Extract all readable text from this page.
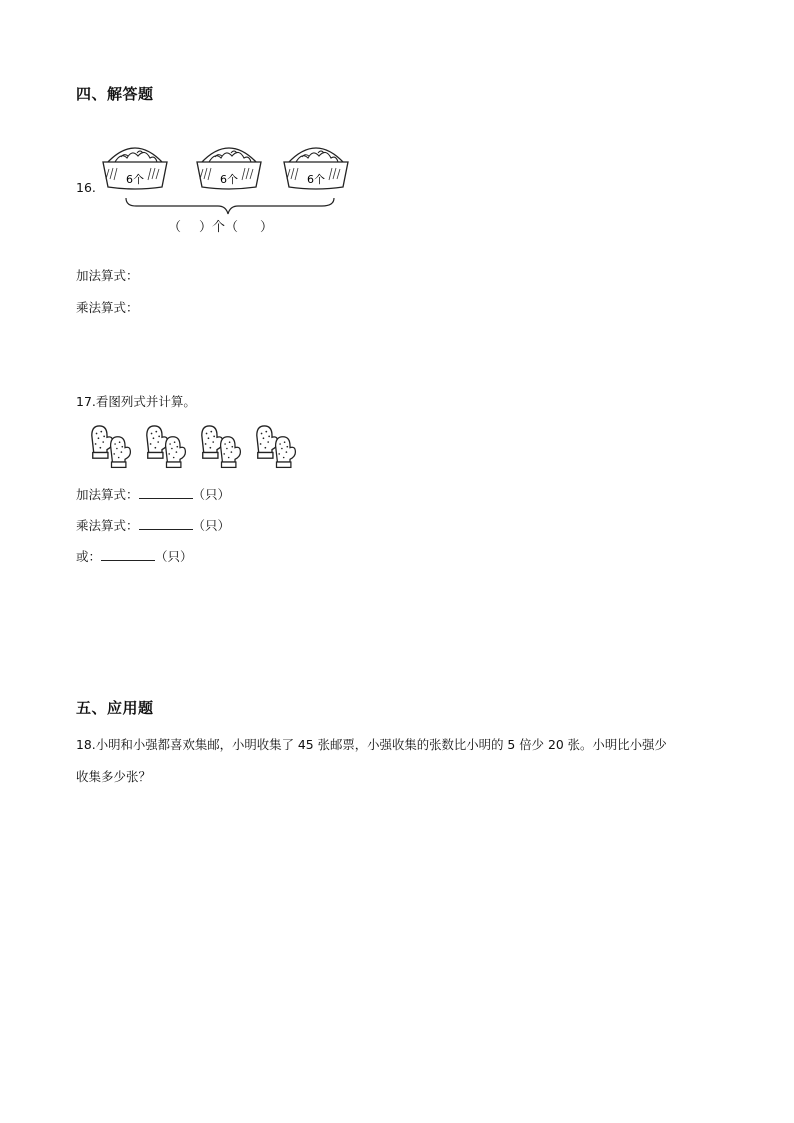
四、解答题
16.
6个	6个	6个
（ ）个（ ）
加法算式：
乘法算式：
17.看图列式并计算。
加法算式：	（只）
乘法算式：	（只）
或：	（只）
五、应用题
18.小明和小强都喜欢集邮，小明收集了 45 张邮票，小强收集的张数比小明的 5 倍少 20 张。小明比小强少
收集多少张？
